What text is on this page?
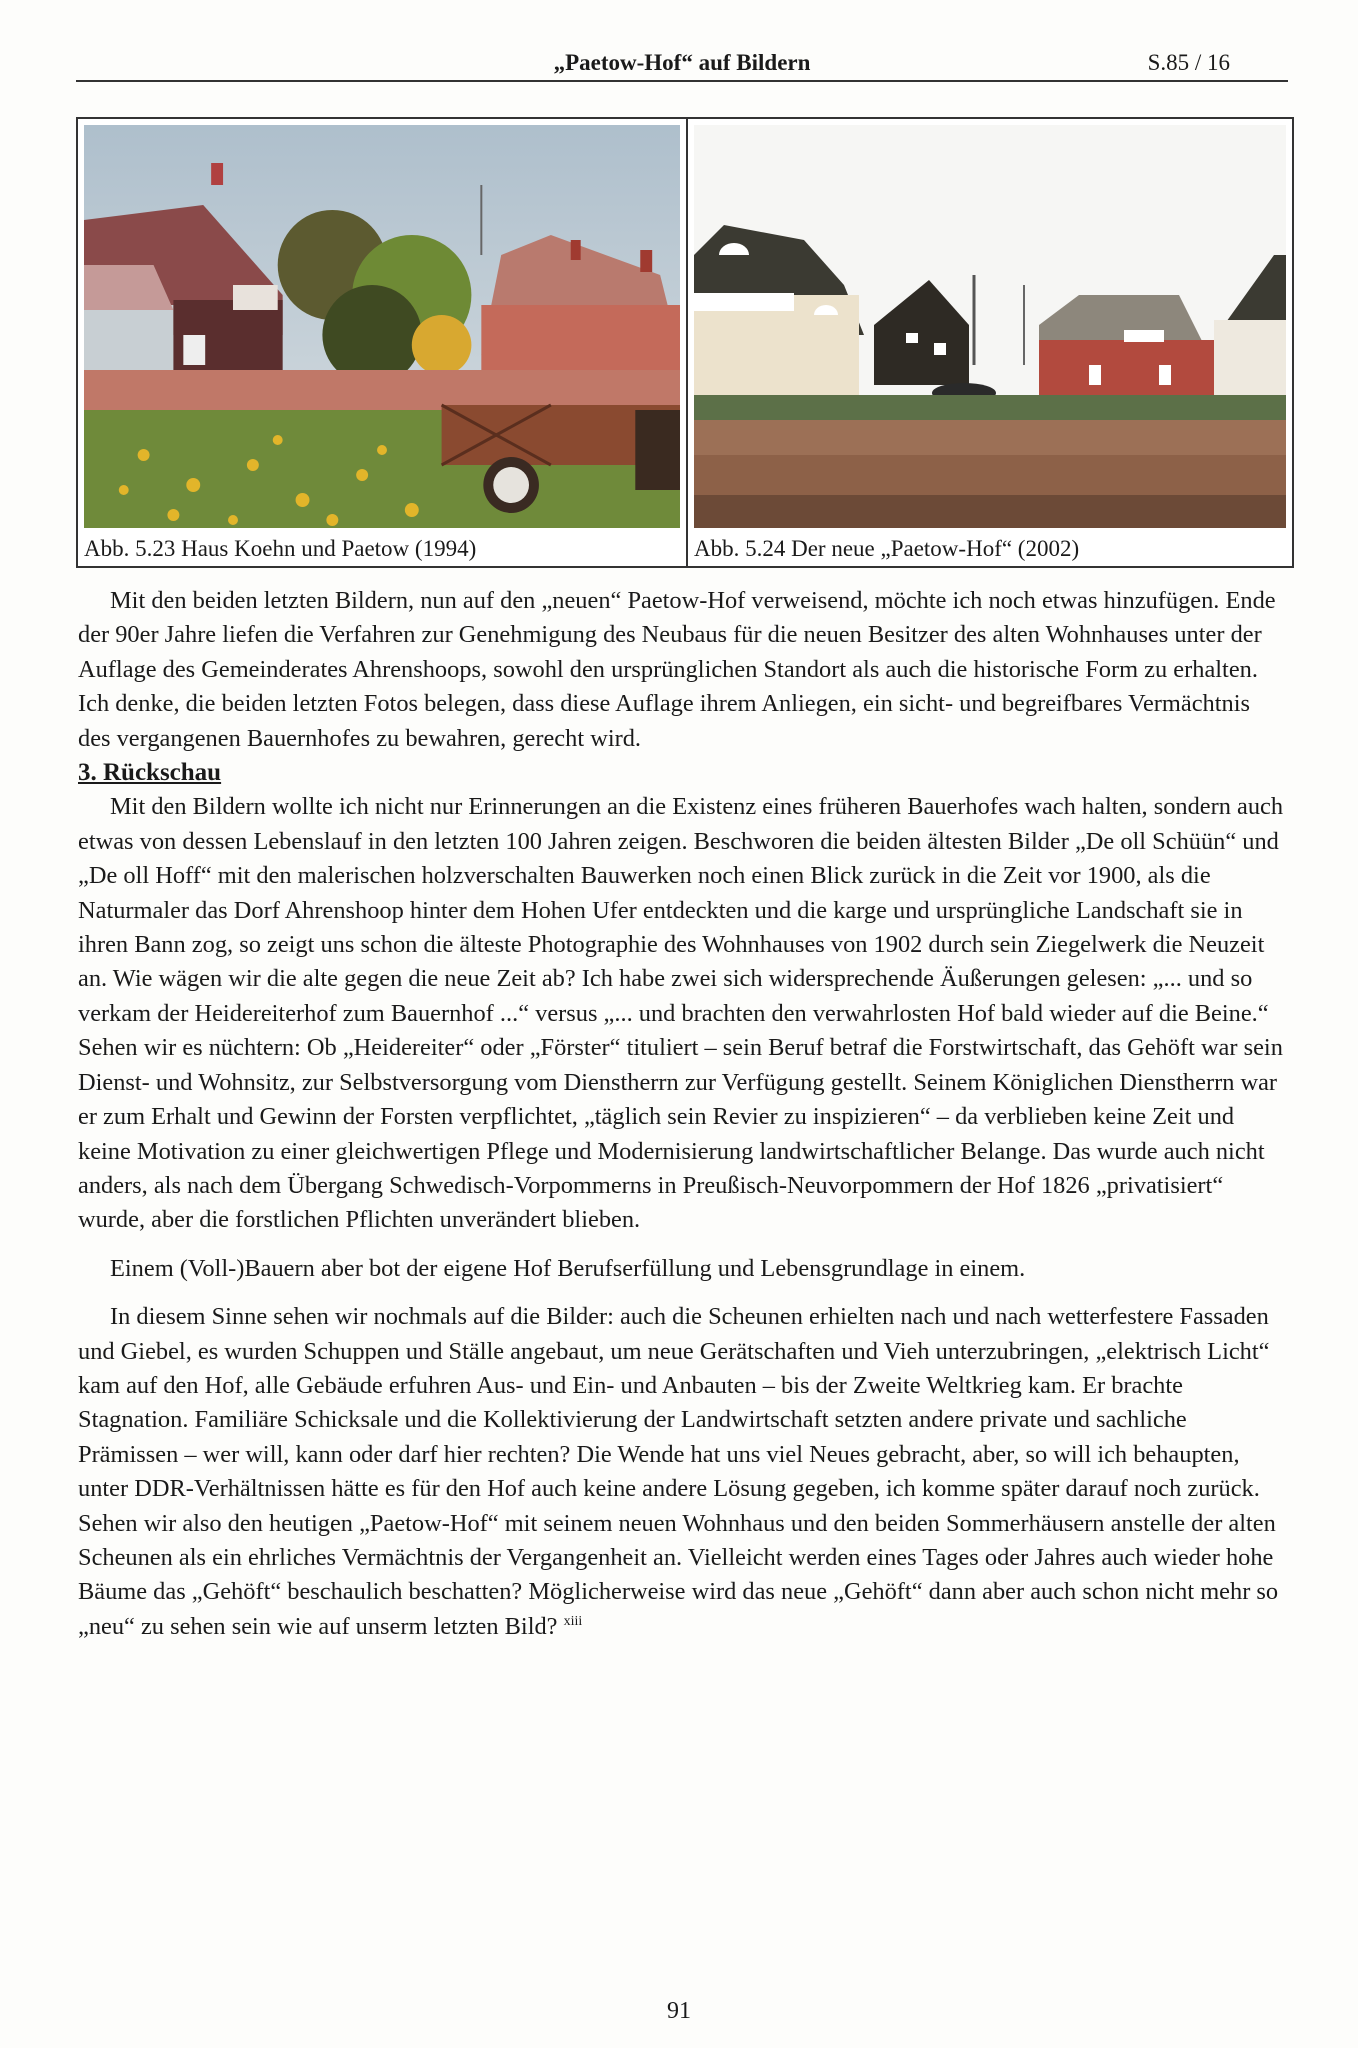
„Paetow-Hof“ auf Bildern	S.85 / 16
Abb. 5.23 Haus Koehn und Paetow (1994)	Abb. 5.24 Der neue „Paetow-Hof“ (2002)

Mit den beiden letzten Bildern, nun auf den „neuen“ Paetow-Hof verweisend, möchte ich noch etwas hinzufügen. Ende der 90er Jahre liefen die Verfahren zur Genehmigung des Neubaus für die neuen Besitzer des alten Wohnhauses unter der Auflage des Gemeinderates Ahrenshoops, sowohl den ursprünglichen Standort als auch die historische Form zu erhalten. Ich denke, die beiden letzten Fotos belegen, dass diese Auflage ihrem Anliegen, ein sicht- und begreifbares Vermächtnis des vergangenen Bauernhofes zu bewahren, gerecht wird.

3. Rückschau

Mit den Bildern wollte ich nicht nur Erinnerungen an die Existenz eines früheren Bauerhofes wach halten, sondern auch etwas von dessen Lebenslauf in den letzten 100 Jahren zeigen. Beschworen die beiden ältesten Bilder „De oll Schüün“ und „De oll Hoff“ mit den malerischen holzverschalten Bauwerken noch einen Blick zurück in die Zeit vor 1900, als die Naturmaler das Dorf Ahrenshoop hinter dem Hohen Ufer entdeckten und die karge und ursprüngliche Landschaft sie in ihren Bann zog, so zeigt uns schon die älteste Photographie des Wohnhauses von 1902 durch sein Ziegelwerk die Neuzeit an. Wie wägen wir die alte gegen die neue Zeit ab? Ich habe zwei sich widersprechende Äußerungen gelesen: „... und so verkam der Heidereiterhof zum Bauernhof ...“ versus „... und brachten den verwahrlosten Hof bald wieder auf die Beine.“ Sehen wir es nüchtern: Ob „Heidereiter“ oder „Förster“ tituliert – sein Beruf betraf die Forstwirtschaft, das Gehöft war sein Dienst- und Wohnsitz, zur Selbstversorgung vom Dienstherrn zur Verfügung gestellt. Seinem Königlichen Dienstherrn war er zum Erhalt und Gewinn der Forsten verpflichtet, „täglich sein Revier zu inspizieren“ – da verblieben keine Zeit und keine Motivation zu einer gleichwertigen Pflege und Modernisierung landwirtschaftlicher Belange. Das wurde auch nicht anders, als nach dem Übergang Schwedisch-Vorpommerns in Preußisch-Neuvorpommern der Hof 1826 „privatisiert“ wurde, aber die forstlichen Pflichten unverändert blieben.

Einem (Voll-)Bauern aber bot der eigene Hof Berufserfüllung und Lebensgrundlage in einem.

In diesem Sinne sehen wir nochmals auf die Bilder: auch die Scheunen erhielten nach und nach wetterfestere Fassaden und Giebel, es wurden Schuppen und Ställe angebaut, um neue Gerätschaften und Vieh unterzubringen, „elektrisch Licht“ kam auf den Hof, alle Gebäude erfuhren Aus- und Ein- und Anbauten – bis der Zweite Weltkrieg kam. Er brachte Stagnation. Familiäre Schicksale und die Kollektivierung der Landwirtschaft setzten andere private und sachliche Prämissen – wer will, kann oder darf hier rechten? Die Wende hat uns viel Neues gebracht, aber, so will ich behaupten, unter DDR-Verhältnissen hätte es für den Hof auch keine andere Lösung gegeben, ich komme später darauf noch zurück. Sehen wir also den heutigen „Paetow-Hof“ mit seinem neuen Wohnhaus und den beiden Sommerhäusern anstelle der alten Scheunen als ein ehrliches Vermächtnis der Vergangenheit an. Vielleicht werden eines Tages oder Jahres auch wieder hohe Bäume das „Gehöft“ beschaulich beschatten? Möglicherweise wird das neue „Gehöft“ dann aber auch schon nicht mehr so „neu“ zu sehen sein wie auf unserm letzten Bild? $^{xiii}$

91
